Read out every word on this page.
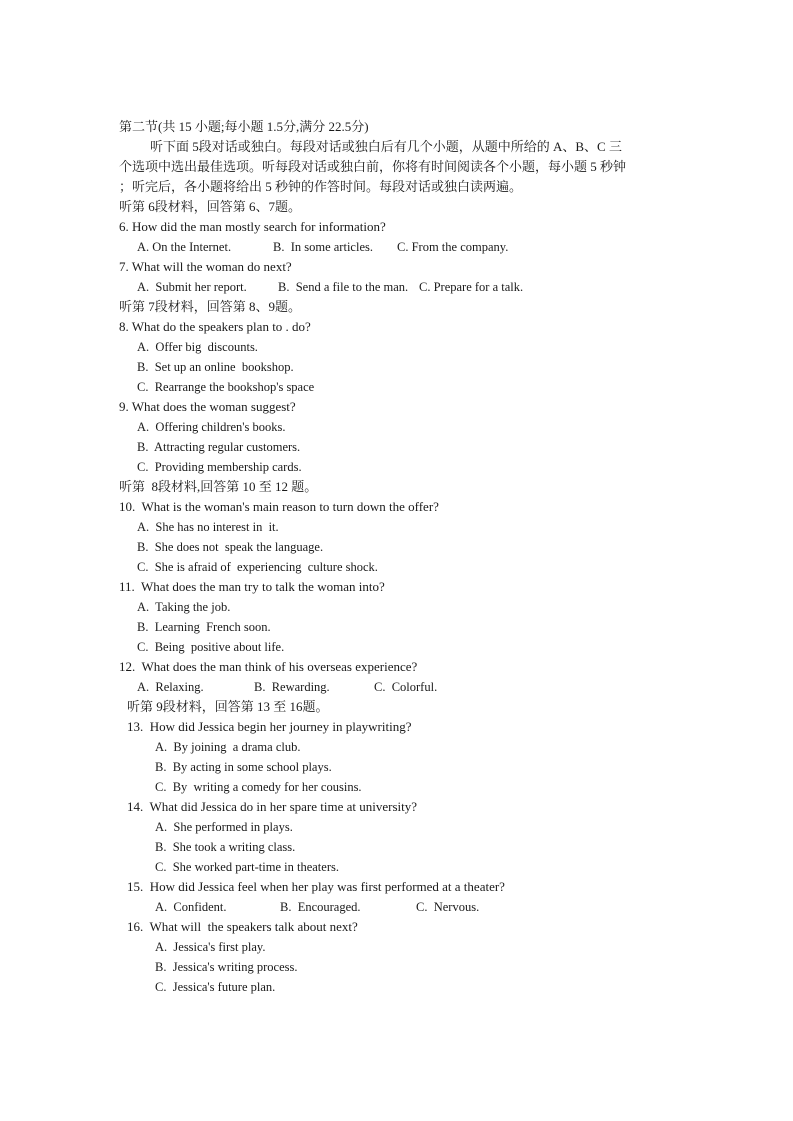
第二节(共 15 小题;每小题 1.5分,满分 22.5分)
听下面 5段对话或独白。每段对话或独白后有几个小题，从题中所给的 A、B、C 三
个选项中选出最佳选项。听每段对话或独白前，你将有时间阅读各个小题，每小题 5 秒钟
；听完后，各小题将给出 5 秒钟的作答时间。每段对话或独白读两遍。
听第 6段材料，回答第 6、7题。
6. How did the man mostly search for information?
A. On the Internet.	B.  In some articles. C. From the company.
7. What will the woman do next?
A.  Submit her report.	B.  Send a file to the man. C. Prepare for a talk.
听第 7段材料，回答第 8、9题。
8. What do the speakers plan to . do?
A.  Offer big  discounts.
B.  Set up an online  bookshop.
C.  Rearrange the bookshop's space
9. What does the woman suggest?
A.  Offering children's books.
B.  Attracting regular customers.
C.  Providing membership cards.
听第  8段材料,回答第 10 至 12 题。
10.  What is the woman's main reason to turn down the offer?
A.  She has no interest in  it.
B.  She does not  speak the language.
C.  She is afraid of  experiencing  culture shock.
11.  What does the man try to talk the woman into?
A.  Taking the job.
B.  Learning  French soon.
C.  Being  positive about life.
12.  What does the man think of his overseas experience?
A.  Relaxing.	B.  Rewarding.	C.  Colorful.
听第 9段材料，回答第 13 至 16题。
13.  How did Jessica begin her journey in playwriting?
A.  By joining  a drama club.
B.  By acting in some school plays.
C.  By  writing a comedy for her cousins.
14.  What did Jessica do in her spare time at university?
A.  She performed in plays.
B.  She took a writing class.
C.  She worked part-time in theaters.
15.  How did Jessica feel when her play was first performed at a theater?
A.  Confident.	B.  Encouraged.	C.  Nervous.
16.  What will  the speakers talk about next?
A.  Jessica's first play.
B.  Jessica's writing process.
C.  Jessica's future plan.
